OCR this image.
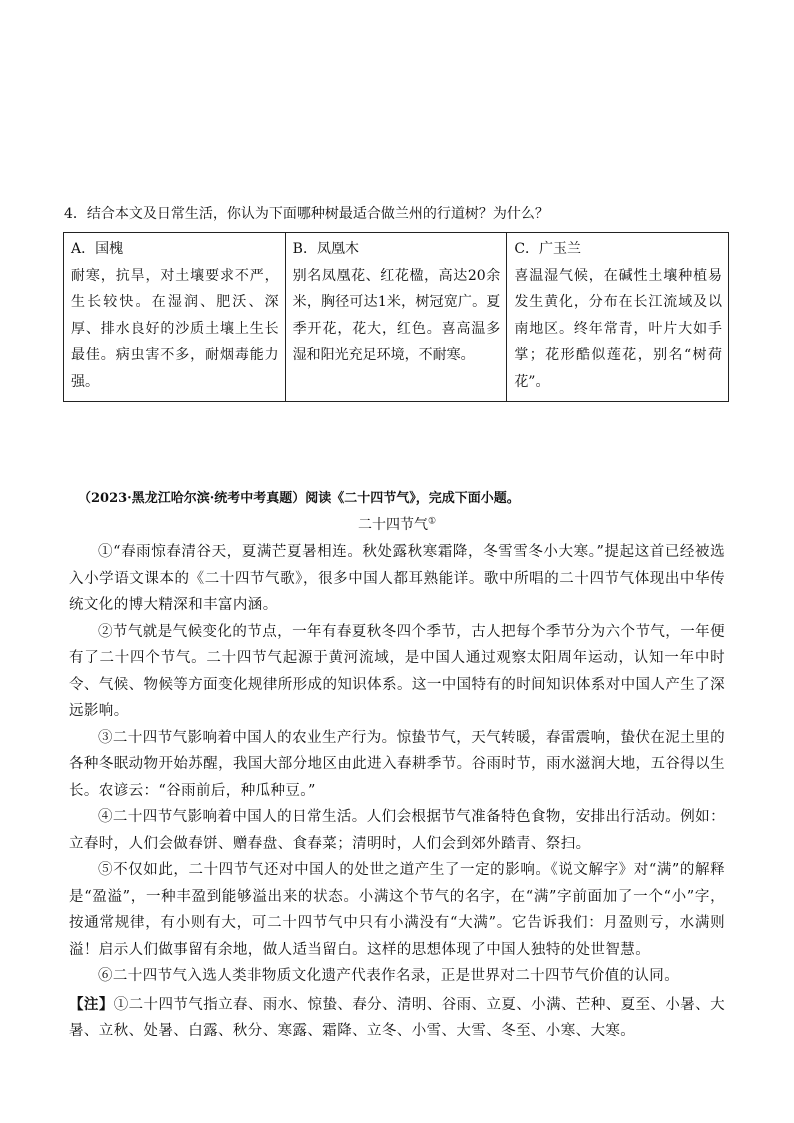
4．结合本文及日常生活，你认为下面哪种树最适合做兰州的行道树？为什么？
A．国槐
耐寒，抗旱，对土壤要求不严，生长较快。在湿润、肥沃、深厚、排水良好的沙质土壤上生长最佳。病虫害不多，耐烟毒能力强。

B．凤凰木
别名凤凰花、红花楹，高达20余米，胸径可达1米，树冠宽广。夏季开花，花大，红色。喜高温多湿和阳光充足环境，不耐寒。

C．广玉兰
喜温湿气候，在碱性土壤种植易发生黄化，分布在长江流域及以南地区。终年常青，叶片大如手掌；花形酷似莲花，别名“树荷花”。
（2023·黑龙江哈尔滨·统考中考真题）阅读《二十四节气》，完成下面小题。
二十四节气①

①“春雨惊春清谷天，夏满芒夏暑相连。秋处露秋寒霜降，冬雪雪冬小大寒。”提起这首已经被选入小学语文课本的《二十四节气歌》，很多中国人都耳熟能详。歌中所唱的二十四节气体现出中华传统文化的博大精深和丰富内涵。

②节气就是气候变化的节点，一年有春夏秋冬四个季节，古人把每个季节分为六个节气，一年便有了二十四个节气。二十四节气起源于黄河流域，是中国人通过观察太阳周年运动，认知一年中时令、气候、物候等方面变化规律所形成的知识体系。这一中国特有的时间知识体系对中国人产生了深远影响。

③二十四节气影响着中国人的农业生产行为。惊蛰节气，天气转暖，春雷震响，蛰伏在泥土里的各种冬眠动物开始苏醒，我国大部分地区由此进入春耕季节。谷雨时节，雨水滋润大地，五谷得以生长。农谚云：“谷雨前后，种瓜种豆。”

④二十四节气影响着中国人的日常生活。人们会根据节气准备特色食物，安排出行活动。例如：立春时，人们会做春饼、赠春盘、食春菜；清明时，人们会到郊外踏青、祭扫。

⑤不仅如此，二十四节气还对中国人的处世之道产生了一定的影响。《说文解字》对“满”的解释是“盈溢”，一种丰盈到能够溢出来的状态。小满这个节气的名字，在“满”字前面加了一个“小”字，按通常规律，有小则有大，可二十四节气中只有小满没有“大满”。它告诉我们：月盈则亏，水满则溢！启示人们做事留有余地，做人适当留白。这样的思想体现了中国人独特的处世智慧。

⑥二十四节气入选人类非物质文化遗产代表作名录，正是世界对二十四节气价值的认同。

【注】①二十四节气指立春、雨水、惊蛰、春分、清明、谷雨、立夏、小满、芒种、夏至、小暑、大暑、立秋、处暑、白露、秋分、寒露、霜降、立冬、小雪、大雪、冬至、小寒、大寒。
